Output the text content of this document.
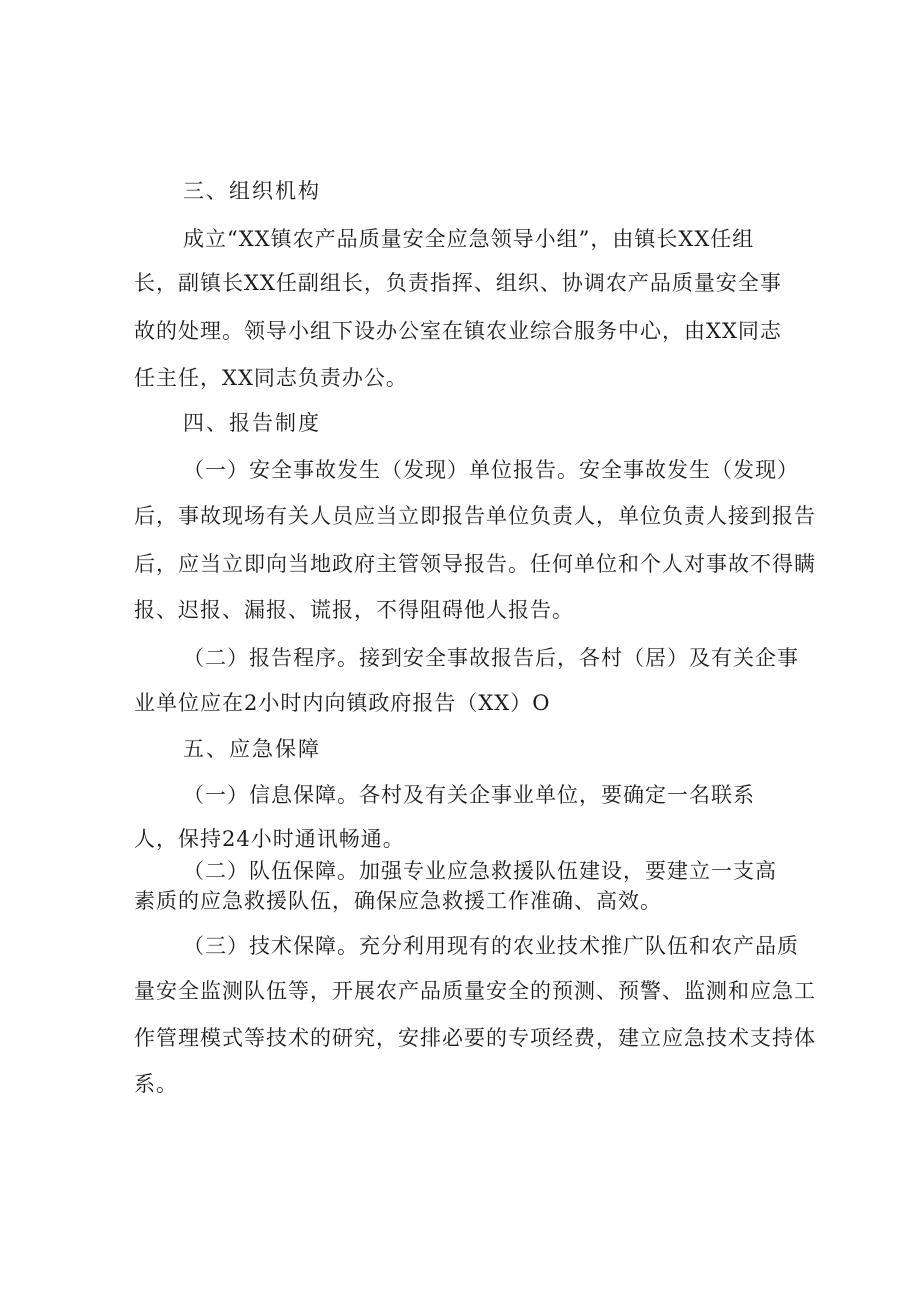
三、组织机构
成立“XX镇农产品质量安全应急领导小组”，由镇长XX任组
长，副镇长XX任副组长，负责指挥、组织、协调农产品质量安全事
故的处理。领导小组下设办公室在镇农业综合服务中心，由XX同志
任主任，XX同志负责办公。
四、报告制度
（一）安全事故发生（发现）单位报告。安全事故发生（发现）
后，事故现场有关人员应当立即报告单位负责人，单位负责人接到报告
后，应当立即向当地政府主管领导报告。任何单位和个人对事故不得瞒
报、迟报、漏报、谎报，不得阻碍他人报告。
（二）报告程序。接到安全事故报告后，各村（居）及有关企事
业单位应在2小时内向镇政府报告（XX）O
五、应急保障
（一）信息保障。各村及有关企事业单位，要确定一名联系
人，保持24小时通讯畅通。
（二）队伍保障。加强专业应急救援队伍建设，要建立一支高
素质的应急救援队伍，确保应急救援工作准确、高效。
（三）技术保障。充分利用现有的农业技术推广队伍和农产品质
量安全监测队伍等，开展农产品质量安全的预测、预警、监测和应急工
作管理模式等技术的研究，安排必要的专项经费，建立应急技术支持体
系。
